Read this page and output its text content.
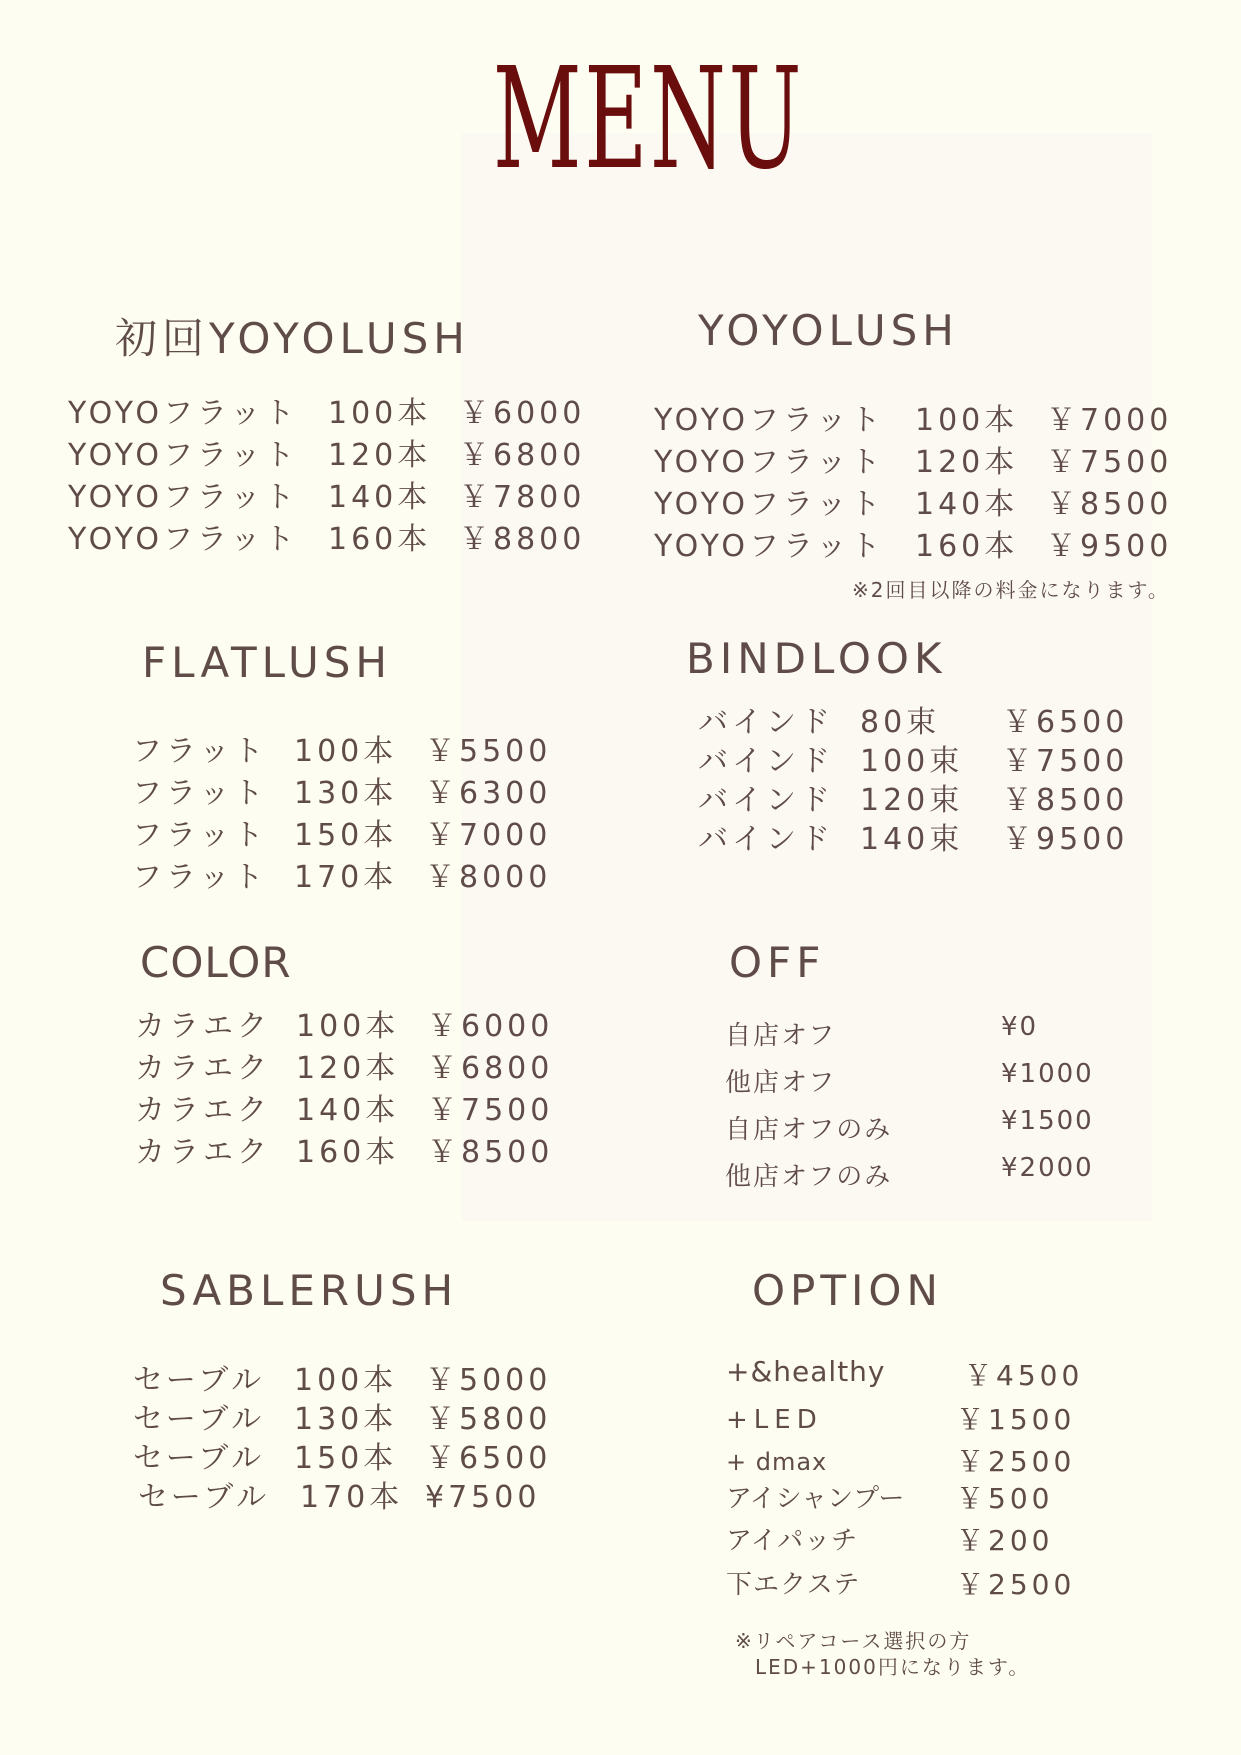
MENU
初回YOYOLUSH
YOYOフラット 100本 ￥6000
YOYOフラット 120本 ￥6800
YOYOフラット 140本 ￥7800
YOYOフラット 160本 ￥8800
YOYOLUSH
YOYOフラット 100本 ￥7000
YOYOフラット 120本 ￥7500
YOYOフラット 140本 ￥8500
YOYOフラット 160本 ￥9500
※2回目以降の料金になります。
FLATLUSH
フラット 100本 ￥5500
フラット 130本 ￥6300
フラット 150本 ￥7000
フラット 170本 ￥8000
BINDLOOK
バインド 80束 ￥6500
バインド 100束 ￥7500
バインド 120束 ￥8500
バインド 140束 ￥9500
COLOR
カラエク 100本 ￥6000
カラエク 120本 ￥6800
カラエク 140本 ￥7500
カラエク 160本 ￥8500
OFF
自店オフ	¥0
他店オフ	¥1000
自店オフのみ	¥1500
他店オフのみ	¥2000
SABLERUSH
セーブル 100本 ￥5000
セーブル 130本 ￥5800
セーブル 150本 ￥6500
セーブル 170本 ¥7500
OPTION
+&healthy	￥4500
+LED	￥1500
+ dmax	￥2500
アイシャンプー ￥500
アイパッチ	￥200
下エクステ	￥2500
※リペアコース選択の方
LED+1000円になります。
